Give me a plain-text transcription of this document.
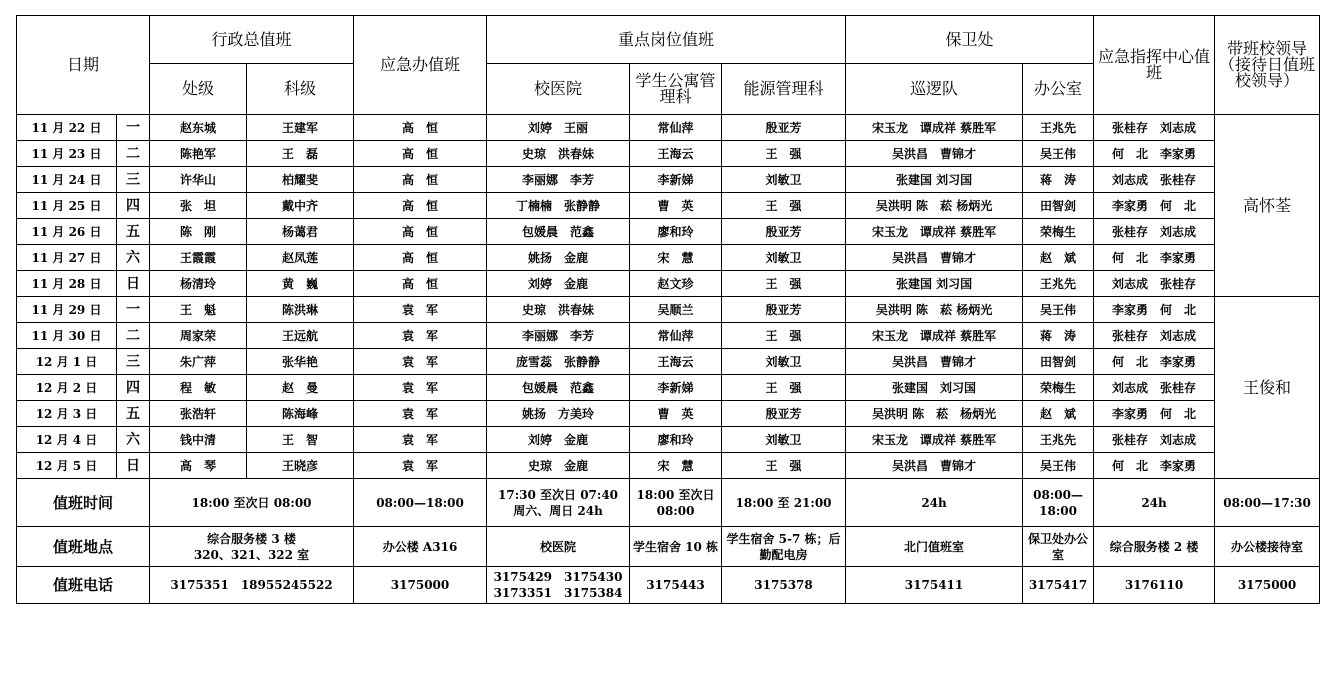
日期		行政总值班		应急办值班	重点岗位值班			保卫处		应急指挥中心值班	带班校领导（接待日值班校领导）
		处级	科级		校医院	学生公寓管理科	能源管理科	巡逻队	办公室		
11 月 22 日	一	赵东城	王建军	高　恒	刘婷　王丽	常仙萍	殷亚芳	宋玉龙　谭成祥 蔡胜军	王兆先	张桂存　刘志成	高怀荃
11 月 23 日	二	陈艳军	王　磊	高　恒	史琼　洪春妹	王海云	王　强	吴洪昌　曹锦才	吴王伟	何　北　李家勇	
11 月 24 日	三	许华山	柏耀斐	高　恒	李丽娜　李芳	李新娣	刘敏卫	张建国 刘习国	蒋　涛	刘志成　张桂存	
11 月 25 日	四	张　坦	戴中齐	高　恒	丁楠楠　张静静	曹　英	王　强	吴洪明 陈　菘 杨炳光	田智剑	李家勇　何　北	
11 月 26 日	五	陈　刚	杨蔼君	高　恒	包媛晨　范鑫	廖和玲	殷亚芳	宋玉龙　谭成祥 蔡胜军	荣梅生	张桂存　刘志成	
11 月 27 日	六	王霞霞	赵凤莲	高　恒	姚扬　金鹿	宋　慧	刘敏卫	吴洪昌　曹锦才	赵　斌	何　北　李家勇	
11 月 28 日	日	杨清玲	黄　巍	高　恒	刘婷　金鹿	赵文珍	王　强	张建国 刘习国	王兆先	刘志成　张桂存	
11 月 29 日	一	王　魁	陈洪琳	袁　军	史琼　洪春妹	吴顺兰	殷亚芳	吴洪明 陈　菘 杨炳光	吴王伟	李家勇　何　北	王俊和
11 月 30 日	二	周家荣	王远航	袁　军	李丽娜　李芳	常仙萍	王　强	宋玉龙　谭成祥 蔡胜军	蒋　涛	张桂存　刘志成	
12 月 1 日	三	朱广萍	张华艳	袁　军	庞雪蕊　张静静	王海云	刘敏卫	吴洪昌　曹锦才	田智剑	何　北　李家勇	
12 月 2 日	四	程　敏	赵　曼	袁　军	包媛晨　范鑫	李新娣	王　强	张建国　刘习国	荣梅生	刘志成　张桂存	
12 月 3 日	五	张浩轩	陈海峰	袁　军	姚扬　方美玲	曹　英	殷亚芳	吴洪明 陈　菘　杨炳光	赵　斌	李家勇　何　北	
12 月 4 日	六	钱中清	王　智	袁　军	刘婷　金鹿	廖和玲	刘敏卫	宋玉龙　谭成祥 蔡胜军	王兆先	张桂存　刘志成	
12 月 5 日	日	高　琴	王晓彦	袁　军	史琼　金鹿	宋　慧	王　强	吴洪昌　曹锦才	吴王伟	何　北　李家勇	
值班时间		18:00 至次日 08:00		08:00—18:00	17:30 至次日 07:40
周六、周日 24h	18:00 至次日 08:00	18:00 至 21:00	24h	08:00—18:00	24h	08:00—17:30
值班地点		综合服务楼 3 楼
320、321、322 室		办公楼 A316	校医院	学生宿舍 10 栋	学生宿舍 5-7 栋；后勤配电房	北门值班室	保卫处办公室	综合服务楼 2 楼	办公楼接待室
值班电话		3175351　18955245522		3175000	3175429　3175430
3173351　3175384	3175443	3175378	3175411	3175417	3176110	3175000
